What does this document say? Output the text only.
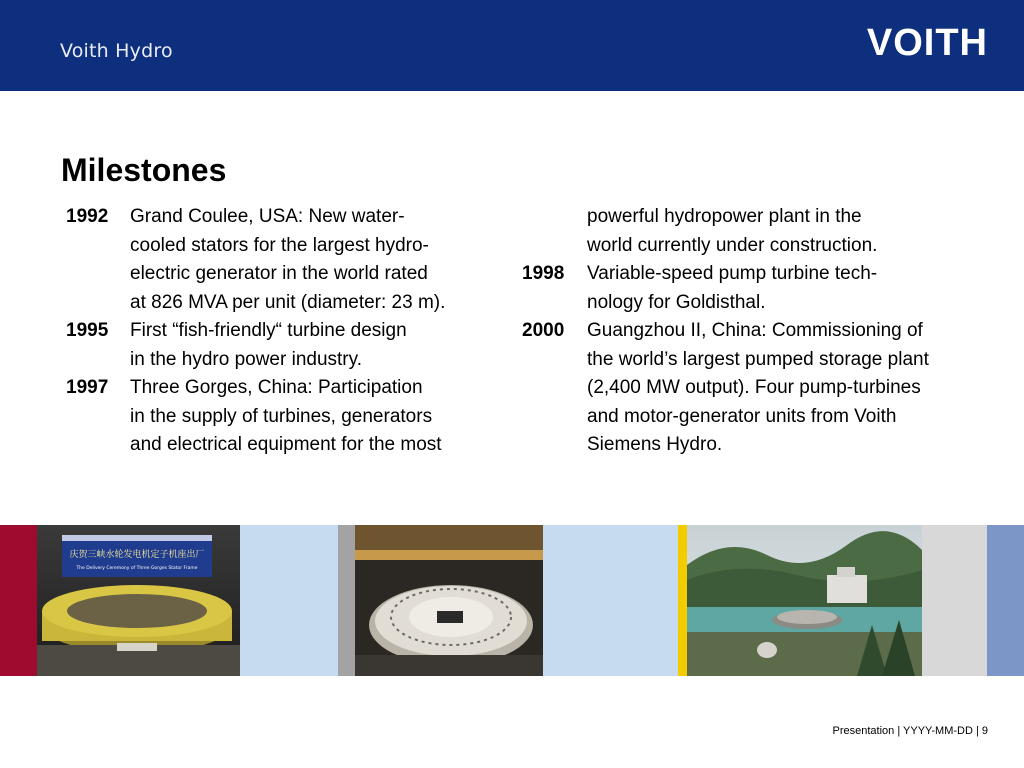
Voith Hydro	VOITH
Milestones
1992	Grand Coulee, USA: New water-
cooled stators for the largest hydro-
electric generator in the world rated
at 826 MVA per unit (diameter: 23 m).
1995	First “fish-friendly“ turbine design
in the hydro power industry.
1997	Three Gorges, China: Participation
in the supply of turbines, generators
and electrical equipment for the most
powerful hydropower plant in the
world currently under construction.
1998	Variable-speed pump turbine tech-
nology for Goldisthal.
2000	Guangzhou II, China: Commissioning of
the world’s largest pumped storage plant
(2,400 MW output). Four pump-turbines
and motor-generator units from Voith
Siemens Hydro.
庆贺三峡水轮发电机定子机座出厂
The Delivery Ceremony of Three Gorges Stator Frame
Presentation | YYYY-MM-DD | 9
